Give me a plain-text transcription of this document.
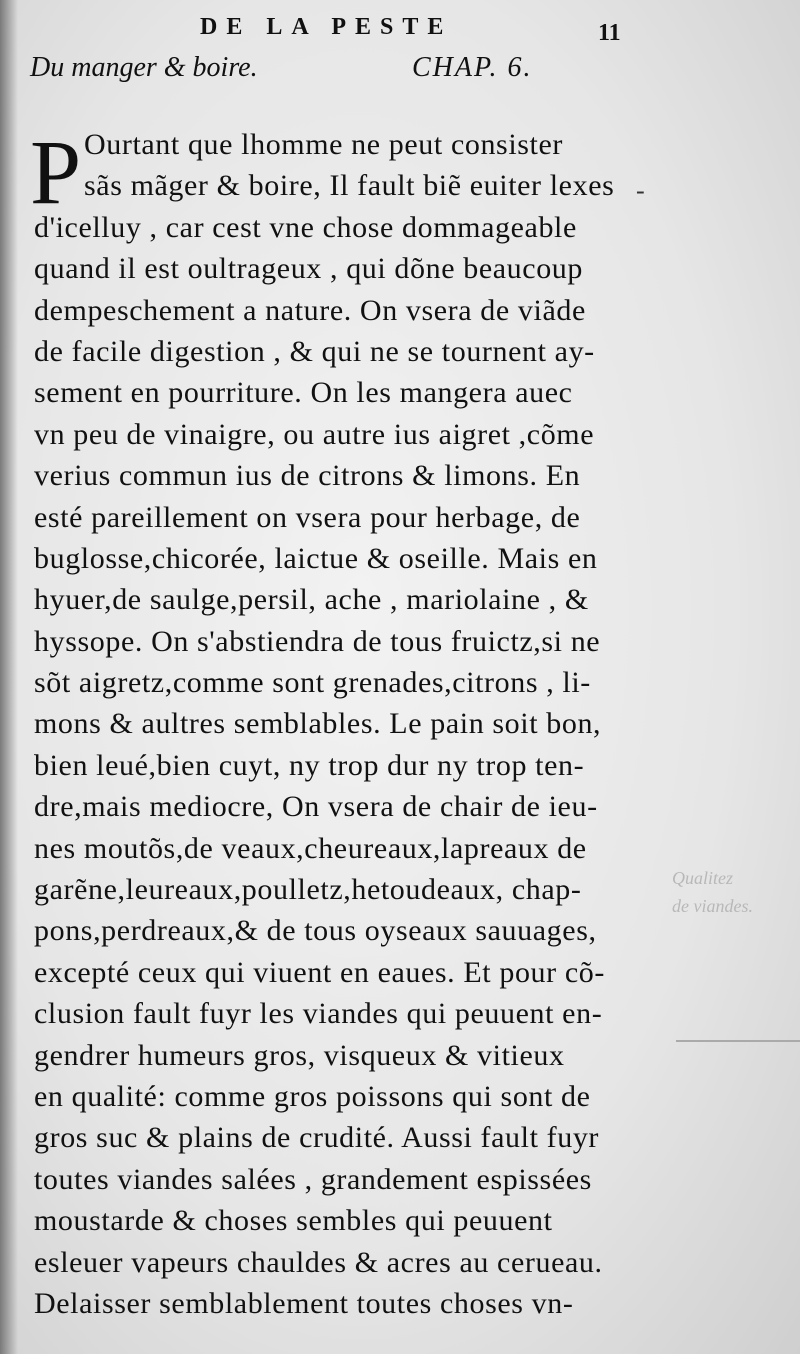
DE LA PESTE	11
Du manger & boire.	CHAP. 6.
P Ourtant que lhomme ne peut consister
sãs mãger & boire, Il fault biẽ euiter lexes
d'icelluy , car cest vne chose dommageable
quand il est oultrageux , qui dõne beaucoup
dempeschement a nature. On vsera de viãde
de facile digestion , & qui ne se tournent ay-
sement en pourriture. On les mangera auec
vn peu de vinaigre, ou autre ius aigret ,cõme
verius commun ius de citrons & limons. En
esté pareillement on vsera pour herbage, de
buglosse,chicorée, laictue & oseille. Mais en
hyuer,de saulge,persil, ache , mariolaine , &
hyssope. On s'abstiendra de tous fruictz,si ne
sõt aigretz,comme sont grenades,citrons , li-
mons & aultres semblables. Le pain soit bon,
bien leué,bien cuyt, ny trop dur ny trop ten-
dre,mais mediocre, On vsera de chair de ieu-
nes moutõs,de veaux,cheureaux,lapreaux de
garẽne,leureaux,poulletz,hetoudeaux, chap-
pons,perdreaux,& de tous oyseaux sauuages,
excepté ceux qui viuent en eaues. Et pour cõ-
clusion fault fuyr les viandes qui peuuent en-
gendrer humeurs gros, visqueux & vitieux
en qualité: comme gros poissons qui sont de
gros suc & plains de crudité. Aussi fault fuyr
toutes viandes salées , grandement espissées
moustarde & choses sembles qui peuuent
esleuer vapeurs chauldes & acres au cerueau.
Delaisser semblablement toutes choses vn-
-
Qualitez
de viandes.
